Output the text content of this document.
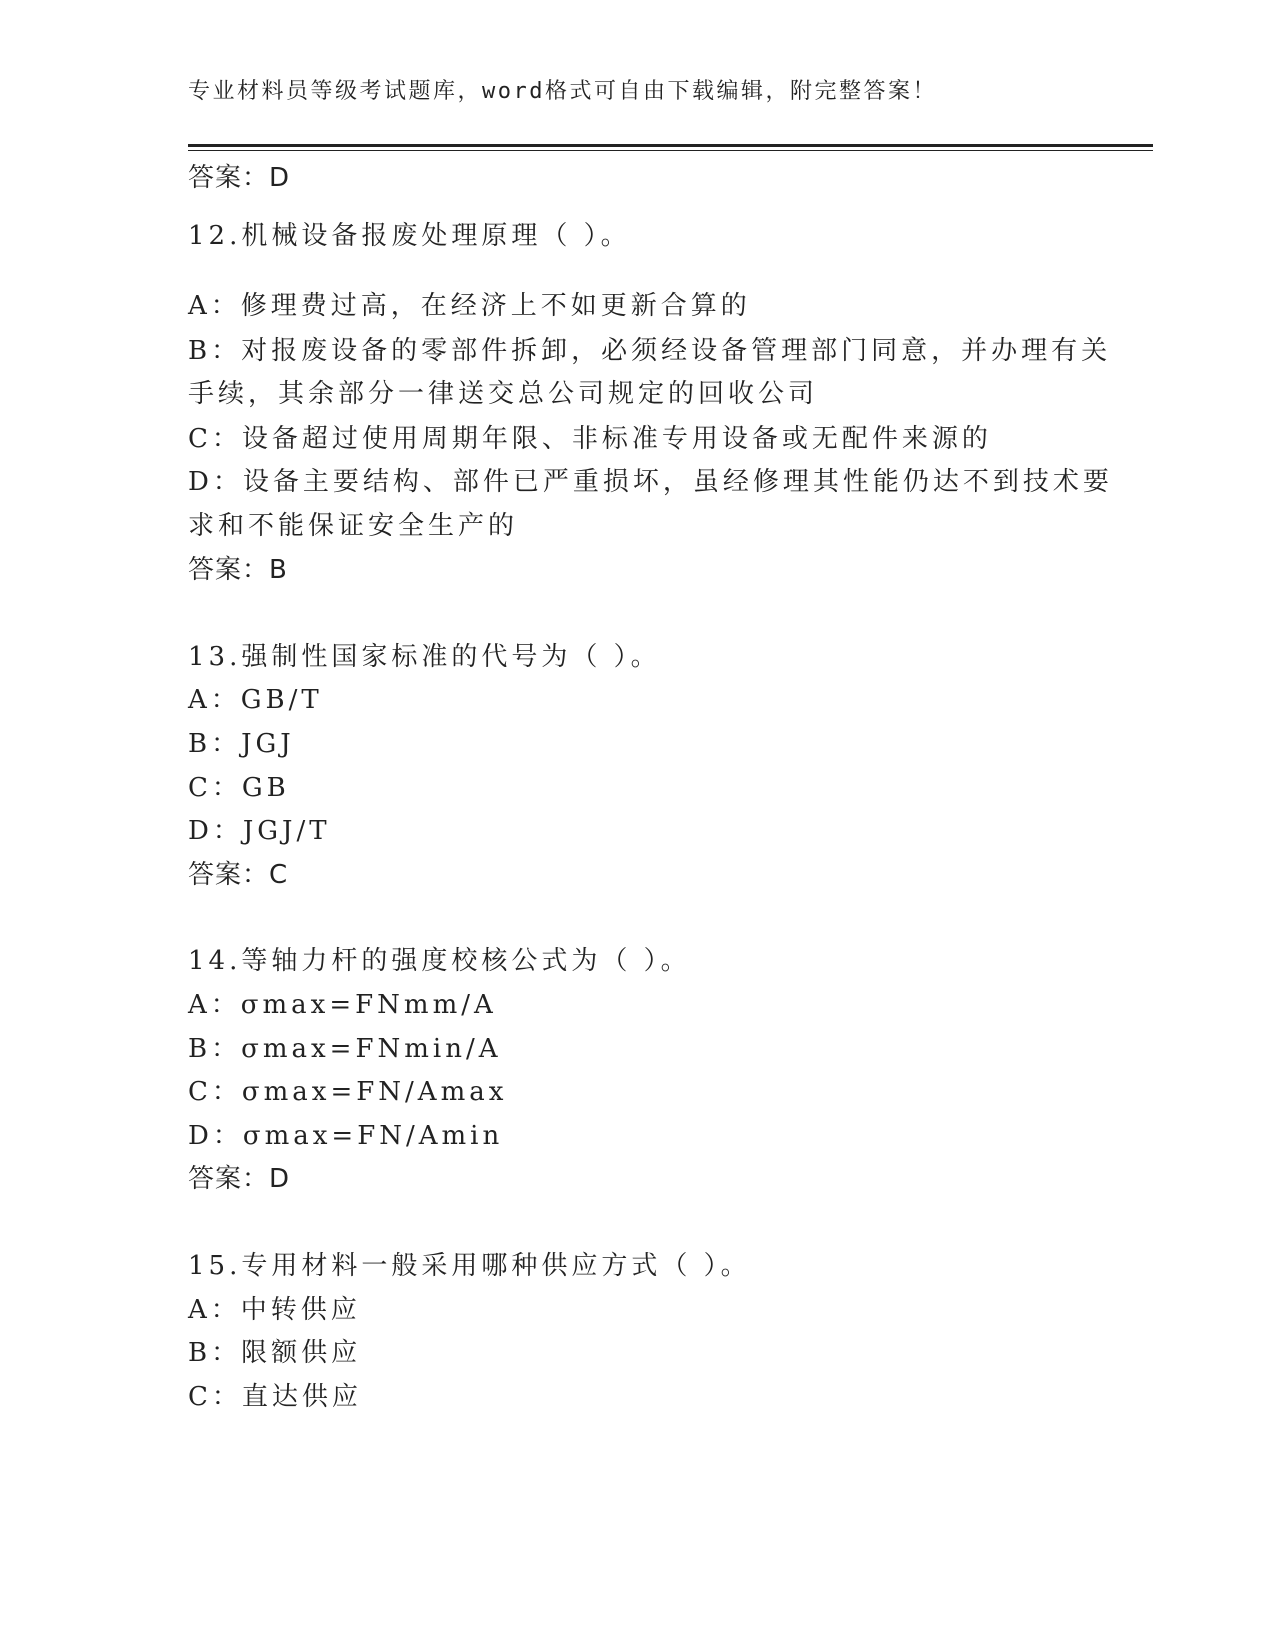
专业材料员等级考试题库，word格式可自由下载编辑，附完整答案！
答案：D
12.机械设备报废处理原理（ ）。
A：修理费过高，在经济上不如更新合算的
B：对报废设备的零部件拆卸，必须经设备管理部门同意，并办理有关
手续，其余部分一律送交总公司规定的回收公司
C：设备超过使用周期年限、非标准专用设备或无配件来源的
D：设备主要结构、部件已严重损坏，虽经修理其性能仍达不到技术要
求和不能保证安全生产的
答案：B
13.强制性国家标准的代号为（ ）。
A：GB/T
B：JGJ
C：GB
D：JGJ/T
答案：C
14.等轴力杆的强度校核公式为（ ）。
A：σmax=FNmm/A
B：σmax=FNmin/A
C：σmax=FN/Amax
D：σmax=FN/Amin
答案：D
15.专用材料一般采用哪种供应方式（ ）。
A：中转供应
B：限额供应
C：直达供应
